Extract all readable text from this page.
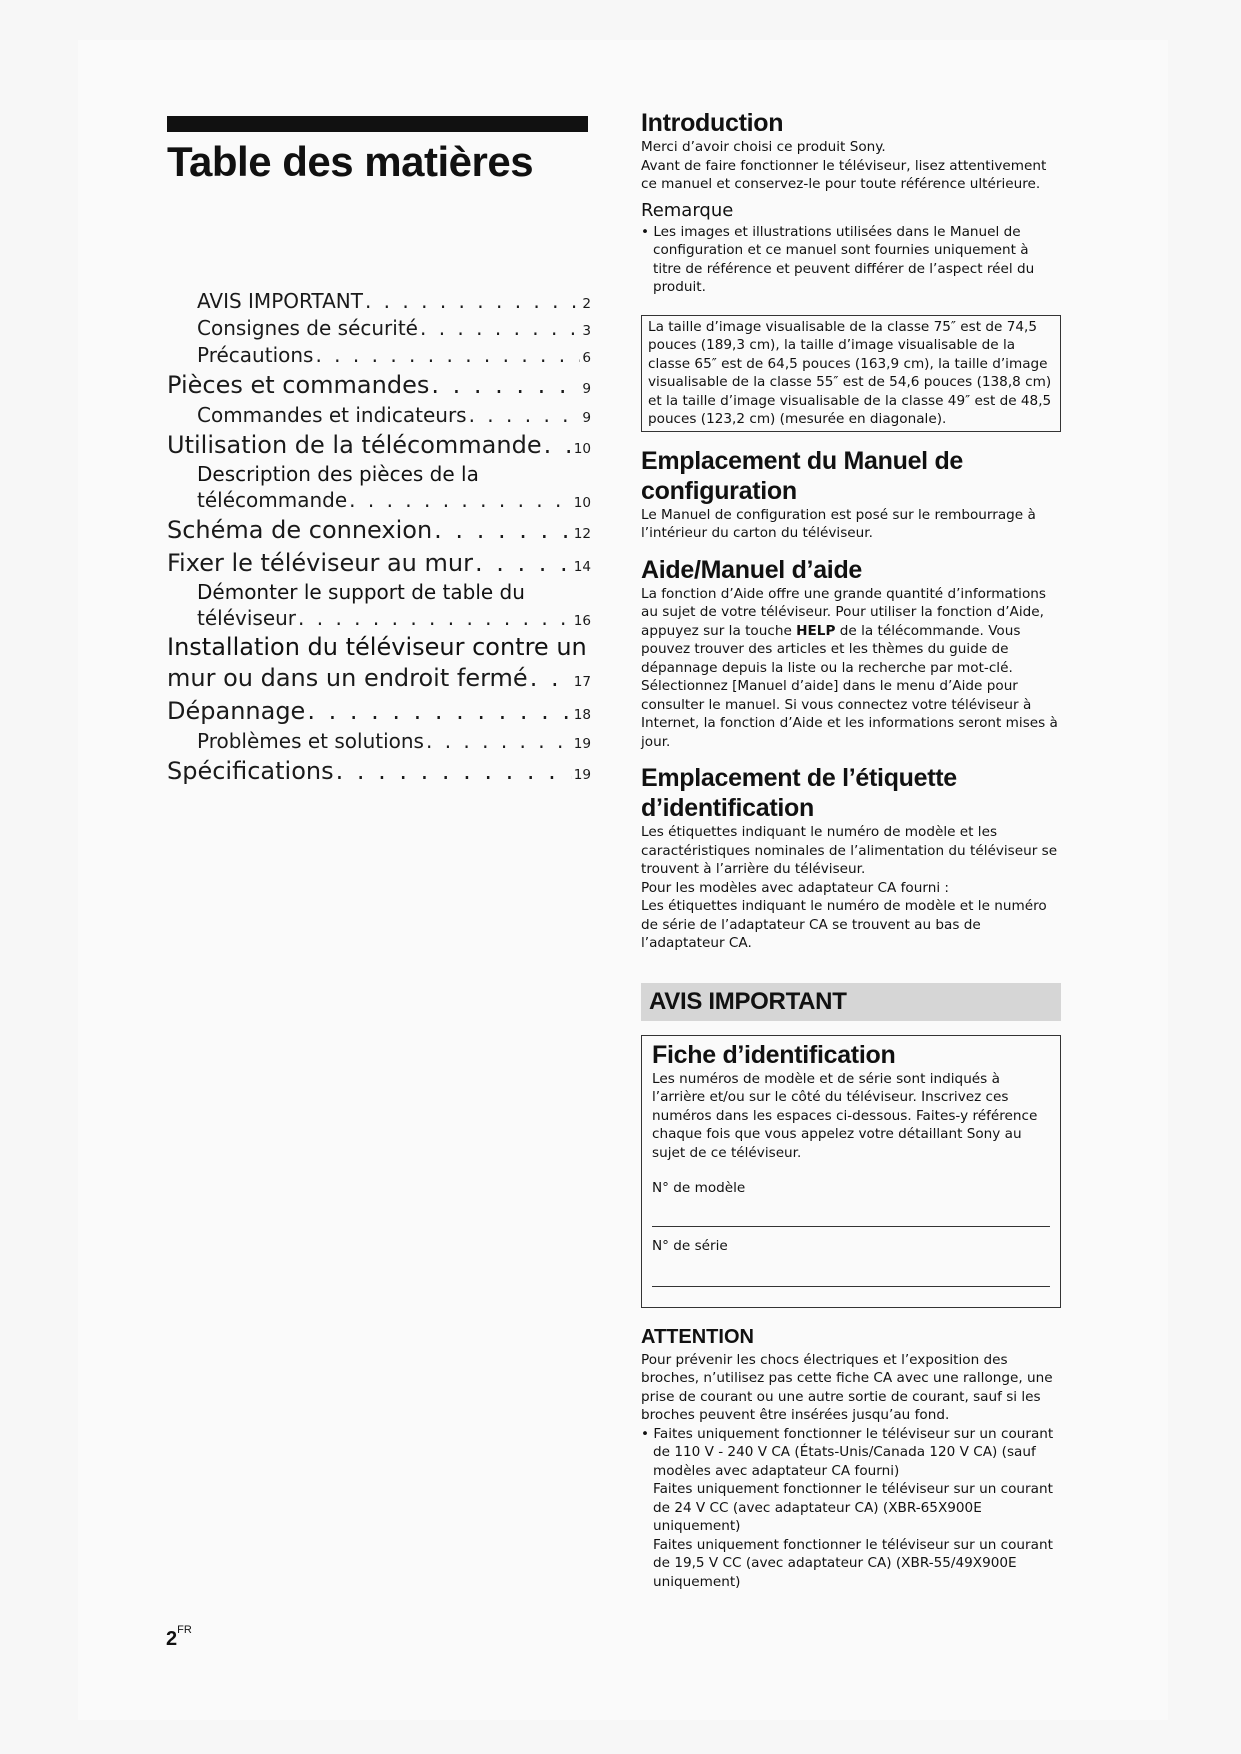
Table des matières
AVIS IMPORTANT . . .	2
Consignes de sécurité . . .	3
Précautions . . .	6
Pièces et commandes . . .	9
Commandes et indicateurs . . .	9
Utilisation de la télécommande . . . 10
Description des pièces de la
télécommande . . .	10
Schéma de connexion . . .	12
Fixer le téléviseur au mur . . .	14
Démonter le support de table du
téléviseur . . .	16
Installation du téléviseur contre un
mur ou dans un endroit fermé . . .	17
Dépannage . . .	18
Problèmes et solutions . . .	19
Spécifications . . .	19
Introduction

Merci d’avoir choisi ce produit Sony.

Avant de faire fonctionner le téléviseur, lisez attentivement ce manuel et conservez-le pour toute référence ultérieure.

Remarque

• Les images et illustrations utilisées dans le Manuel de configuration et ce manuel sont fournies uniquement à titre de référence et peuvent différer de l’aspect réel du produit.

La taille d’image visualisable de la classe 75″ est de 74,5 pouces (189,3 cm), la taille d’image visualisable de la classe 65″ est de 64,5 pouces (163,9 cm), la taille d’image visualisable de la classe 55″ est de 54,6 pouces (138,8 cm) et la taille d’image visualisable de la classe 49″ est de 48,5 pouces (123,2 cm) (mesurée en diagonale).
Emplacement du Manuel de configuration

Le Manuel de configuration est posé sur le rembourrage à l’intérieur du carton du téléviseur.

Aide/Manuel d’aide

La fonction d’Aide offre une grande quantité d’informations au sujet de votre téléviseur. Pour utiliser la fonction d’Aide, appuyez sur la touche HELP de la télécommande. Vous pouvez trouver des articles et les thèmes du guide de dépannage depuis la liste ou la recherche par mot-clé. Sélectionnez [Manuel d’aide] dans le menu d’Aide pour consulter le manuel. Si vous connectez votre téléviseur à Internet, la fonction d’Aide et les informations seront mises à jour.

Emplacement de l’étiquette d’identification

Les étiquettes indiquant le numéro de modèle et les caractéristiques nominales de l’alimentation du téléviseur se trouvent à l’arrière du téléviseur.

Pour les modèles avec adaptateur CA fourni :

Les étiquettes indiquant le numéro de modèle et le numéro de série de l’adaptateur CA se trouvent au bas de l’adaptateur CA.

AVIS IMPORTANT
Fiche d’identification

Les numéros de modèle et de série sont indiqués à l’arrière et/ou sur le côté du téléviseur. Inscrivez ces numéros dans les espaces ci-dessous. Faites-y référence chaque fois que vous appelez votre détaillant Sony au sujet de ce téléviseur.

N° de modèle
N° de série
ATTENTION

Pour prévenir les chocs électriques et l’exposition des broches, n’utilisez pas cette fiche CA avec une rallonge, une prise de courant ou une autre sortie de courant, sauf si les broches peuvent être insérées jusqu’au fond.

• Faites uniquement fonctionner le téléviseur sur un courant de 110 V - 240 V CA (États-Unis/Canada 120 V CA) (sauf modèles avec adaptateur CA fourni)

Faites uniquement fonctionner le téléviseur sur un courant de 24 V CC (avec adaptateur CA) (XBR-65X900E uniquement)

Faites uniquement fonctionner le téléviseur sur un courant de 19,5 V CC (avec adaptateur CA) (XBR-55/49X900E uniquement)

$2^{FR}$
